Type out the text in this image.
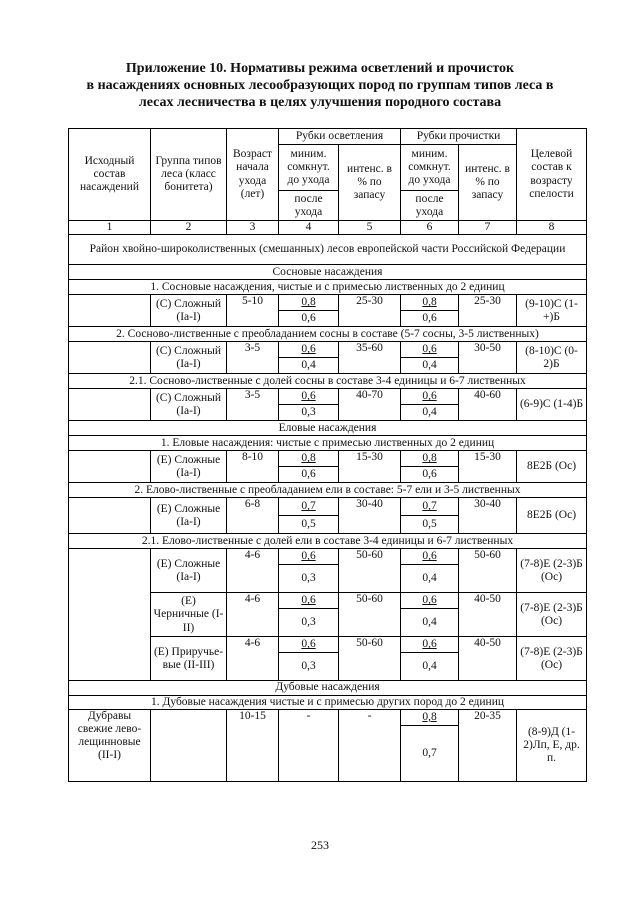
Приложение 10. Нормативы режима осветлений и прочисток
в насаждениях основных лесообразующих пород по группам типов леса в
лесах лесничества в целях улучшения породного состава
Исходный состав насаждений	Группа типов леса (класс бонитета)	Возраст начала ухода (лет)	Рубки осветления		Рубки прочистки		Целевой состав к возрасту спелости
			миним. сомкнут. до ухода	интенс. в % по запасу	миним. сомкнут. до ухода	интенс. в % по запасу	
			после ухода		после ухода		
1	2	3	4	5	6	7	8
Район хвойно-широколиственных (смешанных) лесов европейской части Российской Федерации							
Сосновые насаждения							
1. Сосновые насаждения, чистые и с примесью лиственных до 2 единиц							
	(С) Сложный (Iа-I)	5-10	0,8	25-30	0,8	25-30	(9-10)С (1-+)Б
			0,6		0,6		
2. Сосново-лиственные с преобладанием сосны в составе (5-7 сосны, 3-5 лиственных)							
	(С) Сложный (Iа-I)	3-5	0,6	35-60	0,6	30-50	(8-10)С (0-2)Б
			0,4		0,4		
2.1. Сосново-лиственные с долей сосны в составе 3-4 единицы и 6-7 лиственных							
	(С) Сложный (Iа-I)	3-5	0,6	40-70	0,6	40-60	(6-9)С (1-4)Б
			0,3		0,4		
Еловые насаждения							
1. Еловые насаждения: чистые с примесью лиственных до 2 единиц							
	(Е) Сложные (Iа-I)	8-10	0,8	15-30	0,8	15-30	8Е2Б (Ос)
			0,6		0,6		
2. Елово-лиственные с преобладанием ели в составе: 5-7 ели и 3-5 лиственных							
	(Е) Сложные (Iа-I)	6-8	0,7	30-40	0,7	30-40	8Е2Б (Ос)
			0,5		0,5		
2.1. Елово-лиственные с долей ели в составе 3-4 единицы и 6-7 лиственных							
	(Е) Сложные (Iа-I)	4-6	0,6	50-60	0,6	50-60	(7-8)Е (2-3)Б (Ос)
			0,3		0,4		
	(Е) Черничные (I-II)	4-6	0,6	50-60	0,6	40-50	(7-8)Е (2-3)Б (Ос)
			0,3		0,4		
	(Е) Приручье- вые (II-III)	4-6	0,6	50-60	0,6	40-50	(7-8)Е (2-3)Б (Ос)
			0,3		0,4		
Дубовые насаждения							
1. Дубовые насаждения чистые и с примесью других пород до 2 единиц							
Дубравы свежие лево-лещинновые (II-I)		10-15	-	-	0,8	20-35	(8-9)Д (1-2)Лп, Е, др. п.
					0,7		
253
